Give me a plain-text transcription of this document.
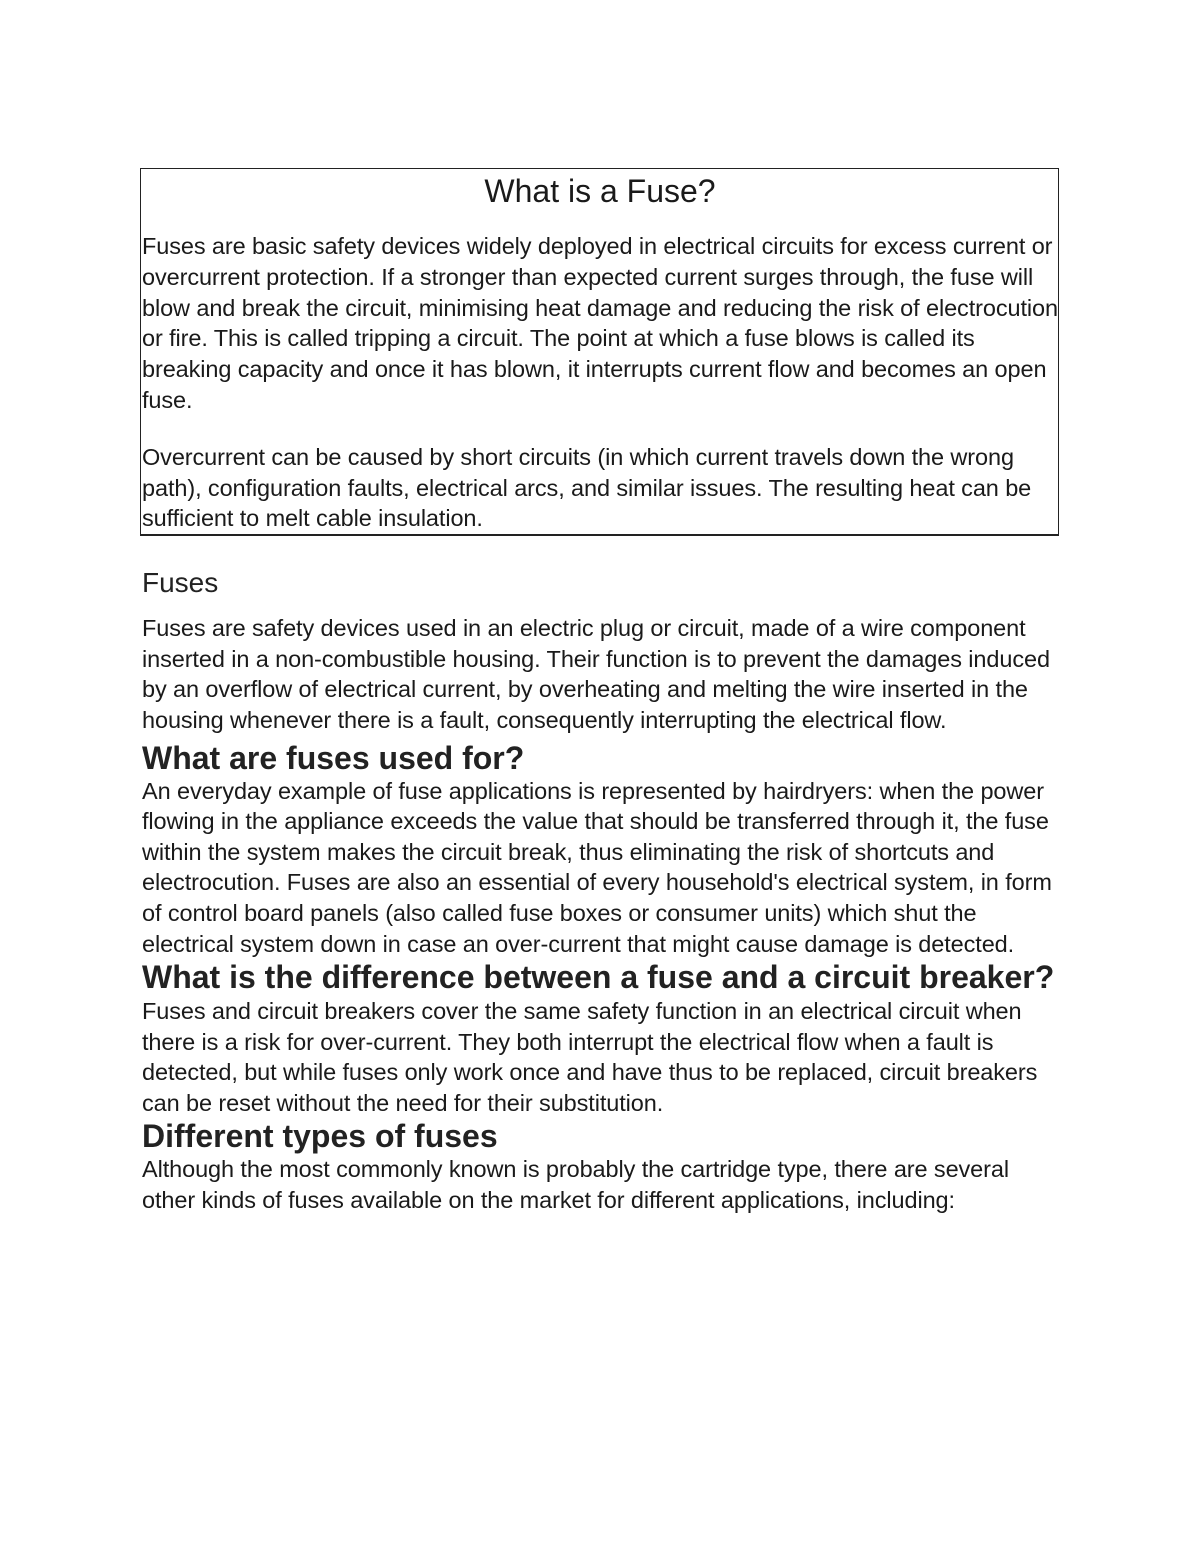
What is a Fuse?

Fuses are basic safety devices widely deployed in electrical circuits for excess current or overcurrent protection. If a stronger than expected current surges through, the fuse will blow and break the circuit, minimising heat damage and reducing the risk of electrocution or fire. This is called tripping a circuit. The point at which a fuse blows is called its breaking capacity and once it has blown, it interrupts current flow and becomes an open fuse.

Overcurrent can be caused by short circuits (in which current travels down the wrong path), configuration faults, electrical arcs, and similar issues. The resulting heat can be sufficient to melt cable insulation.

Fuses

Fuses are safety devices used in an electric plug or circuit, made of a wire component inserted in a non-combustible housing. Their function is to prevent the damages induced by an overflow of electrical current, by overheating and melting the wire inserted in the housing whenever there is a fault, consequently interrupting the electrical flow.

What are fuses used for?

An everyday example of fuse applications is represented by hairdryers: when the power flowing in the appliance exceeds the value that should be transferred through it, the fuse within the system makes the circuit break, thus eliminating the risk of shortcuts and electrocution. Fuses are also an essential of every household's electrical system, in form of control board panels (also called fuse boxes or consumer units) which shut the electrical system down in case an over-current that might cause damage is detected.

What is the difference between a fuse and a circuit breaker?

Fuses and circuit breakers cover the same safety function in an electrical circuit when there is a risk for over-current. They both interrupt the electrical flow when a fault is detected, but while fuses only work once and have thus to be replaced, circuit breakers can be reset without the need for their substitution.

Different types of fuses

Although the most commonly known is probably the cartridge type, there are several other kinds of fuses available on the market for different applications, including:
